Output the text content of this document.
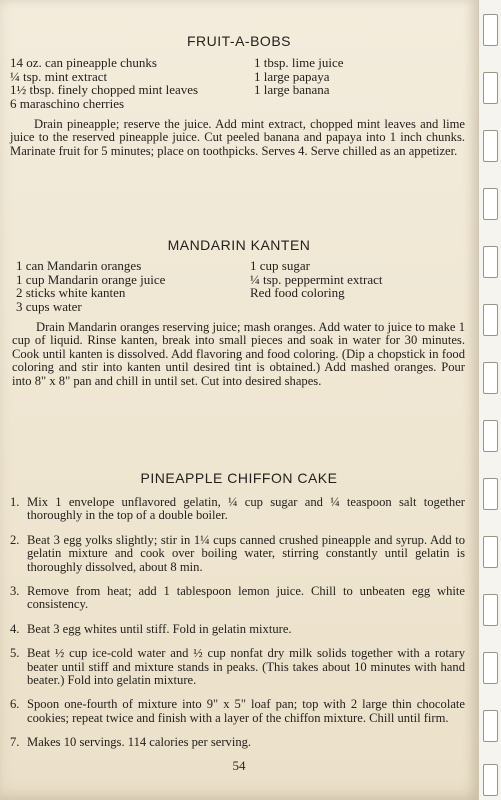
FRUIT-A-BOBS
14 oz. can pineapple chunks
¼ tsp. mint extract
1½ tbsp. finely chopped mint leaves
6 maraschino cherries
1 tbsp. lime juice
1 large papaya
1 large banana
Drain pineapple; reserve the juice. Add mint extract, chopped mint leaves and lime juice to the reserved pineapple juice. Cut peeled banana and papaya into 1 inch chunks. Marinate fruit for 5 minutes; place on toothpicks. Serves 4. Serve chilled as an appetizer.
MANDARIN KANTEN
1 can Mandarin oranges
1 cup Mandarin orange juice
2 sticks white kanten
3 cups water
1 cup sugar
¼ tsp. peppermint extract
Red food coloring
Drain Mandarin oranges reserving juice; mash oranges. Add water to juice to make 1 cup of liquid. Rinse kanten, break into small pieces and soak in water for 30 minutes. Cook until kanten is dissolved. Add flavoring and food coloring. (Dip a chopstick in food coloring and stir into kanten until desired tint is obtained.) Add mashed oranges. Pour into 8" x 8" pan and chill in until set. Cut into desired shapes.
PINEAPPLE CHIFFON CAKE
1. Mix 1 envelope unflavored gelatin, ¼ cup sugar and ¼ teaspoon salt together thoroughly in the top of a double boiler.
2. Beat 3 egg yolks slightly; stir in 1¼ cups canned crushed pineapple and syrup. Add to gelatin mixture and cook over boiling water, stirring constantly until gelatin is thoroughly dissolved, about 8 min.
3. Remove from heat; add 1 tablespoon lemon juice. Chill to unbeaten egg white consistency.
4. Beat 3 egg whites until stiff. Fold in gelatin mixture.
5. Beat ½ cup ice-cold water and ½ cup nonfat dry milk solids together with a rotary beater until stiff and mixture stands in peaks. (This takes about 10 minutes with hand beater.) Fold into gelatin mixture.
6. Spoon one-fourth of mixture into 9" x 5" loaf pan; top with 2 large thin chocolate cookies; repeat twice and finish with a layer of the chiffon mixture. Chill until firm.
7. Makes 10 servings. 114 calories per serving.
54
